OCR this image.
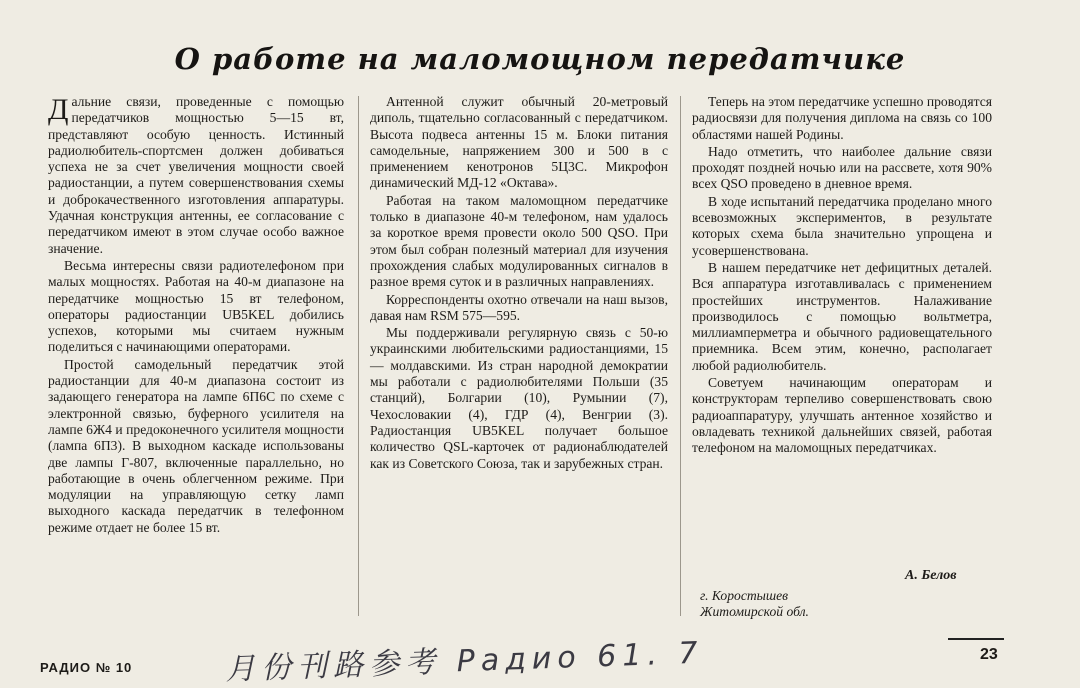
О работе на маломощном передатчике

Дальние связи, проведенные с помощью передатчиков мощностью 5—15 вт, представляют особую ценность. Истинный радиолюбитель-спортсмен должен добиваться успеха не за счет увеличения мощности своей радиостанции, а путем совершенствования схемы и доброкачественного изготовления аппаратуры. Удачная конструкция антенны, ее согласование с передатчиком имеют в этом случае особо важное значение.

Весьма интересны связи радиотелефоном при малых мощностях. Работая на 40-м диапазоне на передатчике мощностью 15 вт телефоном, операторы радиостанции UB5KEL добились успехов, которыми мы считаем нужным поделиться с начинающими операторами.

Простой самодельный передатчик этой радиостанции для 40-м диапазона состоит из задающего генератора на лампе 6П6С по схеме с электронной связью, буферного усилителя на лампе 6Ж4 и предоконечного усилителя мощности (лампа 6П3). В выходном каскаде использованы две лампы Г-807, включенные параллельно, но работающие в очень облегченном режиме. При модуляции на управляющую сетку ламп выходного каскада передатчик в телефонном режиме отдает не более 15 вт.

Антенной служит обычный 20-метровый диполь, тщательно согласованный с передатчиком. Высота подвеса антенны 15 м. Блоки питания самодельные, напряжением 300 и 500 в с применением кенотронов 5Ц3С. Микрофон динамический МД-12 «Октава».

Работая на таком маломощном передатчике только в диапазоне 40-м телефоном, нам удалось за короткое время провести около 500 QSO. При этом был собран полезный материал для изучения прохождения слабых модулированных сигналов в разное время суток и в различных направлениях.

Корреспонденты охотно отвечали на наш вызов, давая нам RSM 575—595.

Мы поддерживали регулярную связь с 50-ю украинскими любительскими радиостанциями, 15 — молдавскими. Из стран народной демократии мы работали с радиолюбителями Польши (35 станций), Болгарии (10), Румынии (7), Чехословакии (4), ГДР (4), Венгрии (3). Радиостанция UB5KEL получает большое количество QSL-карточек от радионаблюдателей как из Советского Союза, так и зарубежных стран.

Теперь на этом передатчике успешно проводятся радиосвязи для получения диплома на связь со 100 областями нашей Родины.

Надо отметить, что наиболее дальние связи проходят поздней ночью или на рассвете, хотя 90% всех QSO проведено в дневное время.

В ходе испытаний передатчика проделано много всевозможных экспериментов, в результате которых схема была значительно упрощена и усовершенствована.

В нашем передатчике нет дефицитных деталей. Вся аппаратура изготавливалась с применением простейших инструментов. Налаживание производилось с помощью вольтметра, миллиамперметра и обычного радиовещательного приемника. Всем этим, конечно, располагает любой радиолюбитель.

Советуем начинающим операторам и конструкторам терпеливо совершенствовать свою радиоаппаратуру, улучшать антенное хозяйство и овладевать техникой дальнейших связей, работая телефоном на маломощных передатчиках.

А. Белов
г. Коростышев
Житомирской обл.
月份刊路参考 Радио 61. 7
РАДИО № 10
23
